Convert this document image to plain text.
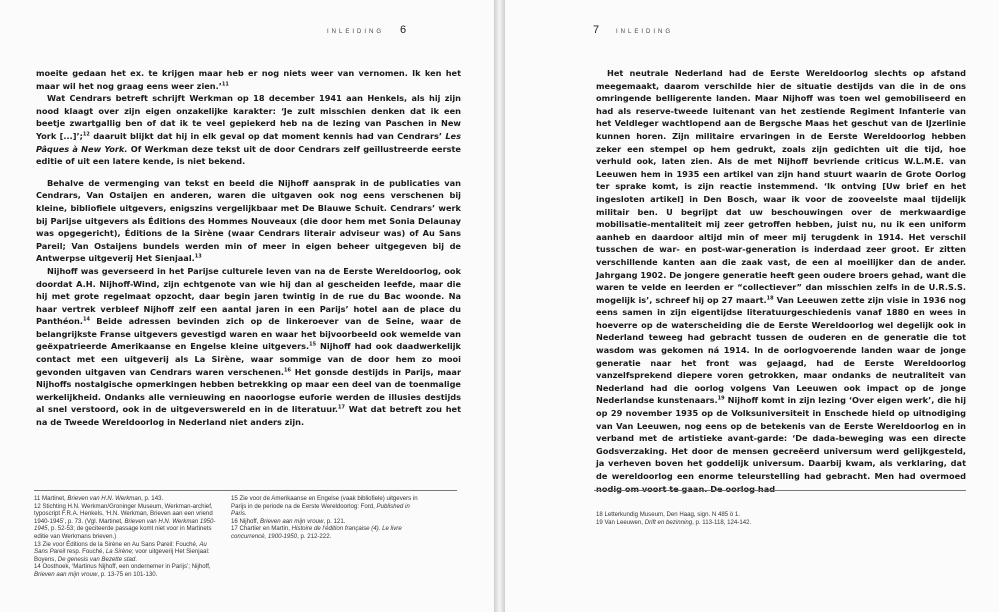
INLEIDING 6

moeite gedaan het ex. te krijgen maar heb er nog niets weer van vernomen. Ik ken het maar wil het nog graag eens weer zien.’$^{11}$

Wat Cendrars betreft schrijft Werkman op 18 december 1941 aan Henkels, als hij zijn nood klaagt over zijn eigen onzakelijke karakter: ‘Je zult misschien denken dat ik een beetje zwartgallig ben of dat ik te veel gepiekerd heb na de lezing van Paschen in New York [...]’;$^{12}$ daaruit blijkt dat hij in elk geval op dat moment kennis had van Cendrars’ Les Pâques à New York. Of Werkman deze tekst uit de door Cendrars zelf geïllustreerde eerste editie of uit een latere kende, is niet bekend.

Behalve de vermenging van tekst en beeld die Nijhoff aansprak in de publicaties van Cendrars, Van Ostaijen en anderen, waren die uitgaven ook nog eens verschenen bij kleine, bibliofiele uitgevers, enigszins vergelijkbaar met De Blauwe Schuit. Cendrars’ werk bij Parijse uitgevers als Éditions des Hommes Nouveaux (die door hem met Sonia Delaunay was opgegericht), Éditions de la Sirène (waar Cendrars literair adviseur was) of Au Sans Pareil; Van Ostaijens bundels werden min of meer in eigen beheer uitgegeven bij de Antwerpse uitgeverij Het Sienjaal.$^{13}$

Nijhoff was geverseerd in het Parijse culturele leven van na de Eerste Wereldoorlog, ook doordat A.H. Nijhoff-Wind, zijn echtgenote van wie hij dan al gescheiden leefde, maar die hij met grote regelmaat opzocht, daar begin jaren twintig in de rue du Bac woonde. Na haar vertrek verbleef Nijhoff zelf een aantal jaren in een Parijs’ hotel aan de place du Panthéon.$^{14}$ Beide adressen bevinden zich op de linkeroever van de Seine, waar de belangrijkste Franse uitgevers gevestigd waren en waar het bijvoorbeeld ook wemelde van geëxpatrieerde Amerikaanse en Engelse kleine uitgevers.$^{15}$ Nijhoff had ook daadwerkelijk contact met een uitgeverij als La Sirène, waar sommige van de door hem zo mooi gevonden uitgaven van Cendrars waren verschenen.$^{16}$ Het gonsde destijds in Parijs, maar Nijhoffs nostalgische opmerkingen hebben betrekking op maar een deel van de toenmalige werkelijkheid. Ondanks alle vernieuwing en naoorlogse euforie werden de illusies destijds al snel verstoord, ook in de uitgeverswereld en in de literatuur.$^{17}$ Wat dat betreft zou het na de Tweede Wereldoorlog in Nederland niet anders zijn.

11 Martinet, Brieven van H.N. Werkman, p. 143.

12 Stichting H.N. Werkman/Groninger Museum, Werkman-archief, typoscript F.R.A. Henkels, ‘H.N. Werkman, Brieven aan een vriend 1940-1945’, p. 73. (Vgl. Martinet, Brieven van H.N. Werkman 1950-1945, p. 52-53; de geciteerde passage komt niet voor in Martinets editie van Werkmans brieven.)

13 Zie voor Éditions de la Sirène en Au Sans Pareil: Fouché, Au Sans Pareil resp. Fouché, La Sirène; voor uitgeverij Het Sienjaal: Boyens, De genesis van Bezette stad.

14 Oosthoek, ‘Martinus Nijhoff, een ondernemer in Parijs’; Nijhoff, Brieven aan mijn vrouw, p. 13-75 en 101-130.

15 Zie voor de Amerikaanse en Engelse (vaak bibliofiele) uitgevers in Parijs in de periode na de Eerste Wereldoorlog: Ford, Published in Paris.

16 Nijhoff, Brieven aan mijn vrouw, p. 121.

17 Chartier en Martin, Histoire de l’édition française (4). Le livre concurrencé, 1900-1950, p. 212-222.

7	INLEIDING

Het neutrale Nederland had de Eerste Wereldoorlog slechts op afstand meegemaakt, daarom verschilde hier de situatie destijds van die in de ons omringende belligerente landen. Maar Nijhoff was toen wel gemobiliseerd en had als reserve-tweede luitenant van het zestiende Regiment Infanterie van het Veldleger wachtlopend aan de Bergsche Maas het geschut van de IJzerlinie kunnen horen. Zijn militaire ervaringen in de Eerste Wereldoorlog hebben zeker een stempel op hem gedrukt, zoals zijn gedichten uit die tijd, hoe verhuld ook, laten zien. Als de met Nijhoff bevriende criticus W.L.M.E. van Leeuwen hem in 1935 een artikel van zijn hand stuurt waarin de Grote Oorlog ter sprake komt, is zijn reactie instemmend. ‘Ik ontving [Uw brief en het ingesloten artikel] in Den Bosch, waar ik voor de zooveelste maal tijdelijk militair ben. U begrijpt dat uw beschouwingen over de merkwaardige mobilisatie-mentaliteit mij zeer getroffen hebben, juist nu, nu ik een uniform aanheb en daardoor altijd min of meer mij terugdenk in 1914. Het verschil tusschen de war- en post-war-generation is inderdaad zeer groot. Er zitten verschillende kanten aan die zaak vast, de een al moeilijker dan de ander. Jahrgang 1902. De jongere generatie heeft geen oudere broers gehad, want die waren te velde en leerden er “collectiever” dan misschien zelfs in de U.R.S.S. mogelijk is’, schreef hij op 27 maart.$^{18}$ Van Leeuwen zette zijn visie in 1936 nog eens samen in zijn eigentijdse literatuurgeschiedenis vanaf 1880 en wees in hoeverre op de waterscheiding die de Eerste Wereldoorlog wel degelijk ook in Nederland teweeg had gebracht tussen de ouderen en de generatie die tot wasdom was gekomen ná 1914. In de oorlogvoerende landen waar de jonge generatie naar het front was gejaagd, had de Eerste Wereldoorlog vanzelfsprekend diepere voren getrokken, maar ondanks de neutraliteit van Nederland had die oorlog volgens Van Leeuwen ook impact op de jonge Nederlandse kunstenaars.$^{19}$ Nijhoff komt in zijn lezing ‘Over eigen werk’, die hij op 29 november 1935 op de Volksuniversiteit in Enschede hield op uitnodiging van Van Leeuwen, nog eens op de betekenis van de Eerste Wereldoorlog en in verband met de artistieke avant-garde: ‘De dada-beweging was een directe Godsverzaking. Het door de mensen gecreëerd universum werd gelijkgesteld, ja verheven boven het goddelijk universum. Daarbij kwam, als verklaring, dat de wereldoorlog een enorme teleurstelling had gebracht. Men had overmoed nodig om voort te gaan. De oorlog had

18 Letterkundig Museum, Den Haag, sign. N 485 ö 1.

19 Van Leeuwen, Drift en bezinning, p. 113-118, 124-142.
